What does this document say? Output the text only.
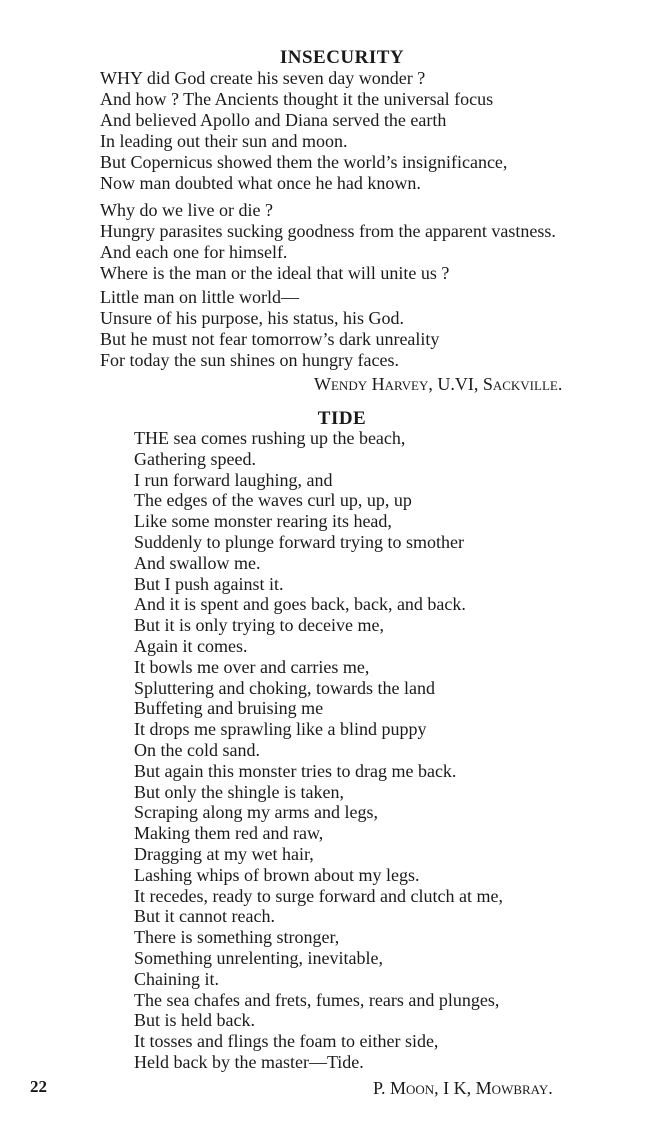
INSECURITY
WHY did God create his seven day wonder ?
And how ? The Ancients thought it the universal focus
And believed Apollo and Diana served the earth
In leading out their sun and moon.
But Copernicus showed them the world’s insignificance,
Now man doubted what once he had known.
Why do we live or die ?
Hungry parasites sucking goodness from the apparent vastness.
And each one for himself.
Where is the man or the ideal that will unite us ?
Little man on little world—
Unsure of his purpose, his status, his God.
But he must not fear tomorrow’s dark unreality
For today the sun shines on hungry faces.
Wendy Harvey, U.VI, Sackville.
TIDE
THE sea comes rushing up the beach,
Gathering speed.
I run forward laughing, and
The edges of the waves curl up, up, up
Like some monster rearing its head,
Suddenly to plunge forward trying to smother
And swallow me.
But I push against it.
And it is spent and goes back, back, and back.
But it is only trying to deceive me,
Again it comes.
It bowls me over and carries me,
Spluttering and choking, towards the land
Buffeting and bruising me
It drops me sprawling like a blind puppy
On the cold sand.
But again this monster tries to drag me back.
But only the shingle is taken,
Scraping along my arms and legs,
Making them red and raw,
Dragging at my wet hair,
Lashing whips of brown about my legs.
It recedes, ready to surge forward and clutch at me,
But it cannot reach.
There is something stronger,
Something unrelenting, inevitable,
Chaining it.
The sea chafes and frets, fumes, rears and plunges,
But is held back.
It tosses and flings the foam to either side,
Held back by the master—Tide.
22	P. Moon, I K, Mowbray.
